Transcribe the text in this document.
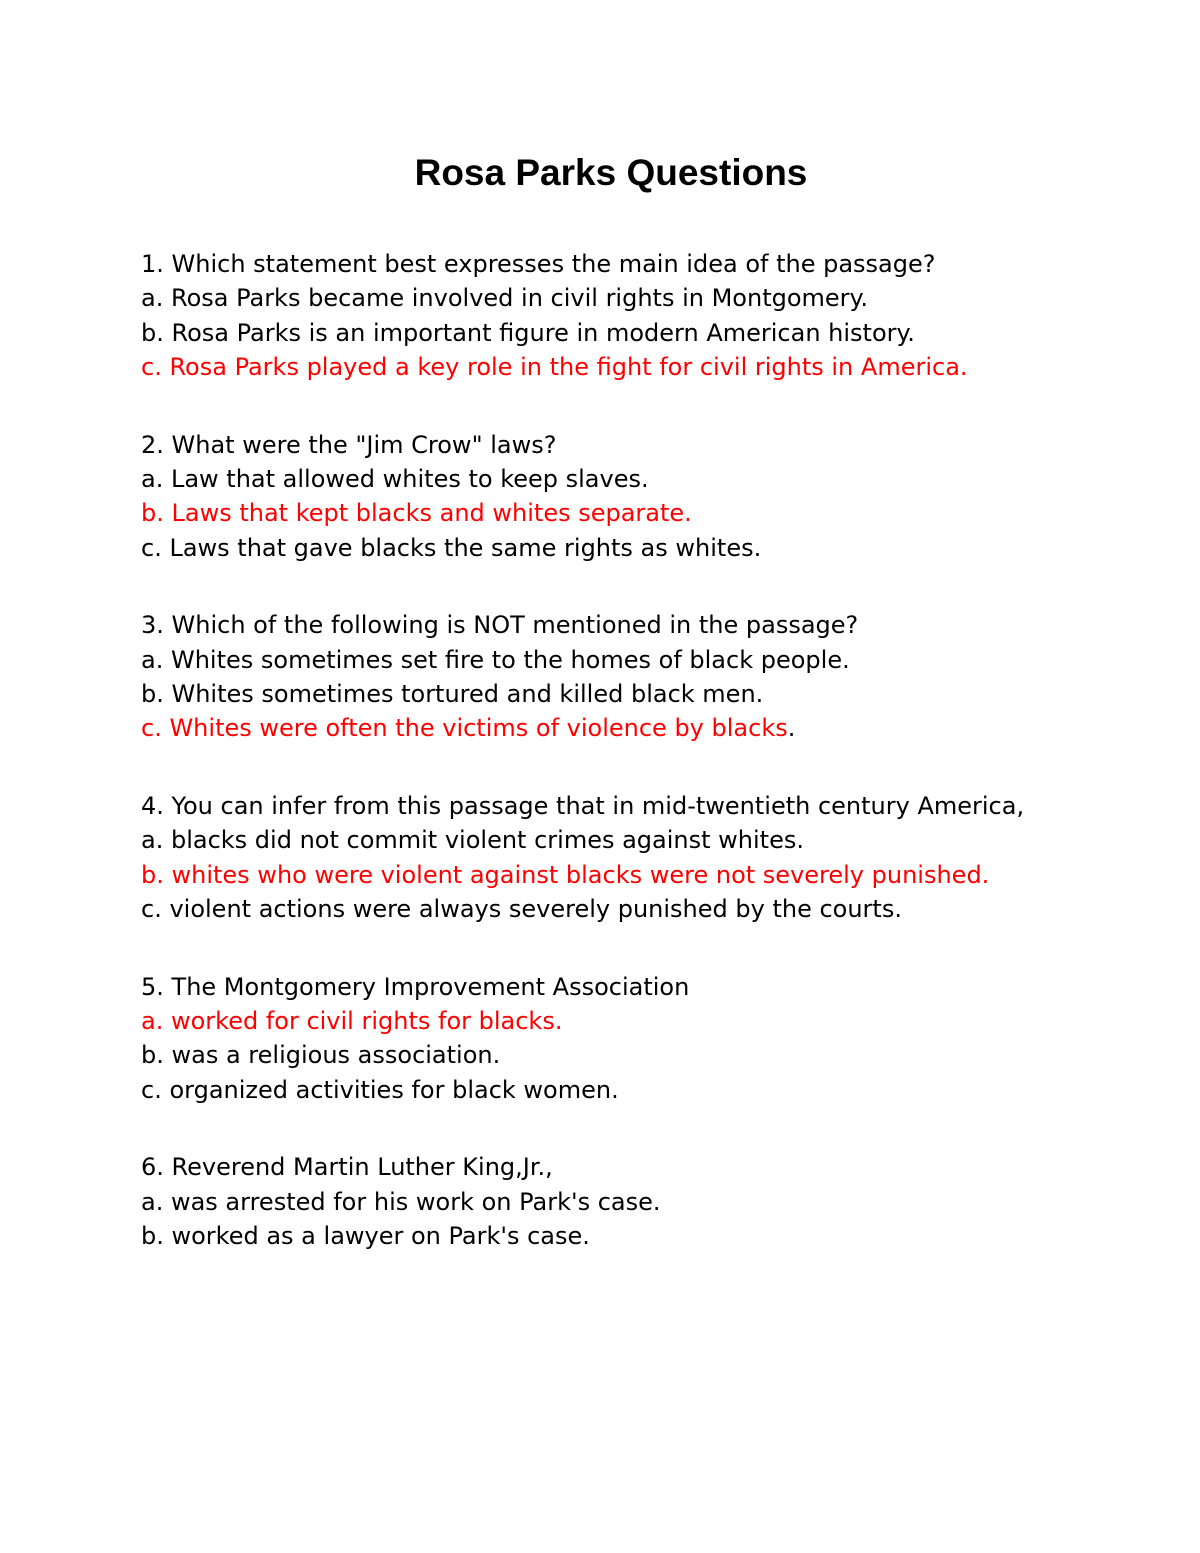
Rosa Parks Questions
1. Which statement best expresses the main idea of the passage?
a. Rosa Parks became involved in civil rights in Montgomery.
b. Rosa Parks is an important figure in modern American history.
c. Rosa Parks played a key role in the fight for civil rights in America.
2. What were the "Jim Crow" laws?
a. Law that allowed whites to keep slaves.
b. Laws that kept blacks and whites separate.
c. Laws that gave blacks the same rights as whites.
3. Which of the following is NOT mentioned in the passage?
a. Whites sometimes set fire to the homes of black people.
b. Whites sometimes tortured and killed black men.
c. Whites were often the victims of violence by blacks.
4. You can infer from this passage that in mid-twentieth century America,
a. blacks did not commit violent crimes against whites.
b. whites who were violent against blacks were not severely punished.
c. violent actions were always severely punished by the courts.
5. The Montgomery Improvement Association
a. worked for civil rights for blacks.
b. was a religious association.
c. organized activities for black women.
6. Reverend Martin Luther King,Jr.,
a. was arrested for his work on Park's case.
b. worked as a lawyer on Park's case.
